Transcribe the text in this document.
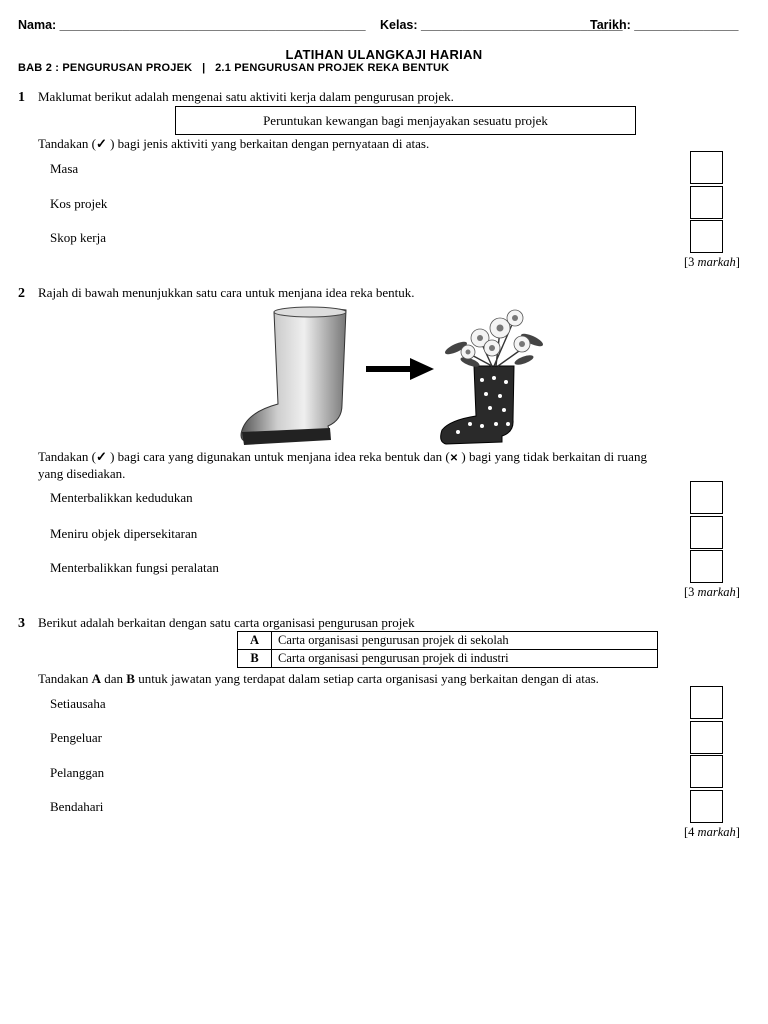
Nama: ____________________________________________ Kelas: _____________________________
Tarikh: _______________
LATIHAN ULANGKAJI HARIAN
BAB 2 : PENGURUSAN PROJEK   |   2.1 PENGURUSAN PROJEK REKA BENTUK
1 Maklumat berikut adalah mengenai satu aktiviti kerja dalam pengurusan projek.
Peruntukan kewangan bagi menjayakan sesuatu projek
Tandakan (✓ ) bagi jenis aktiviti yang berkaitan dengan pernyataan di atas.
Masa
Kos projek
Skop kerja
[3 markah]
2 Rajah di bawah menunjukkan satu cara untuk menjana idea reka bentuk.
Tandakan (✓ ) bagi cara yang digunakan untuk menjana idea reka bentuk dan (✕ ) bagi yang tidak berkaitan di ruang
yang disediakan.
Menterbalikkan kedudukan
Meniru objek dipersekitaran
Menterbalikkan fungsi peralatan
[3 markah]
3 Berikut adalah berkaitan dengan satu carta organisasi pengurusan projek
A	Carta organisasi pengurusan projek di sekolah
B	Carta organisasi pengurusan projek di industri
Tandakan A dan B untuk jawatan yang terdapat dalam setiap carta organisasi yang berkaitan dengan di atas.
Setiausaha
Pengeluar
Pelanggan
Bendahari
[4 markah]
